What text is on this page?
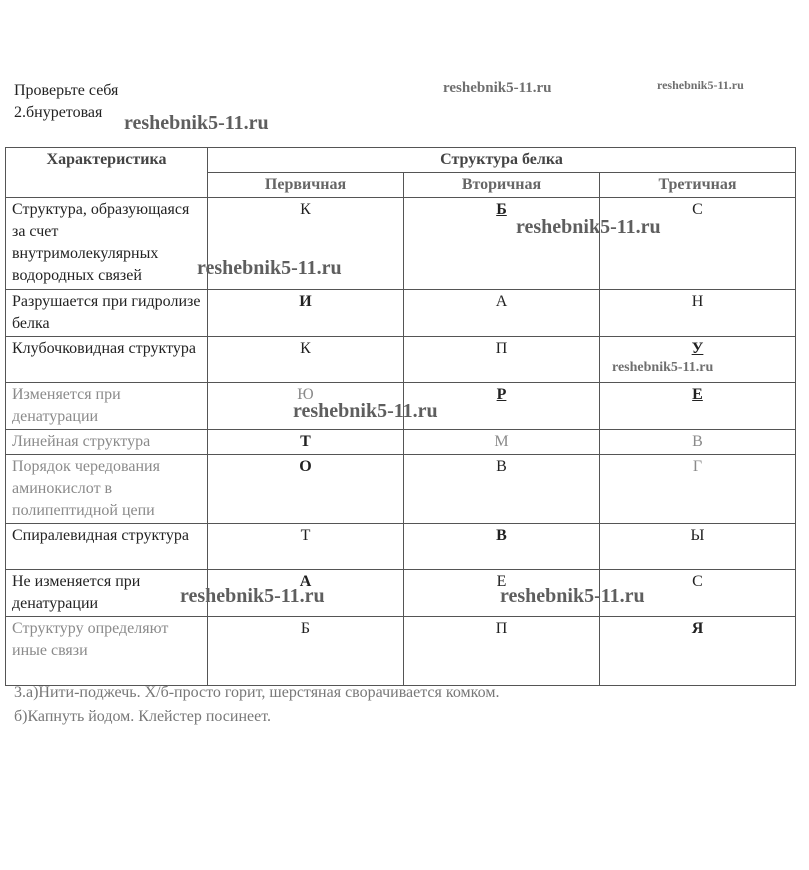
Проверьте себя
2.бнуретовая
Характеристика	Структура белка		
	Первичная	Вторичная	Третичная
Структура, образующаяся за счет внутримолекулярных водородных связей	К	Б	С
Разрушается при гидролизе белка	И	А	Н
Клубочковидная структура	К	П	У
Изменяется при денатурации	Ю	Р	Е
Линейная структура	Т	М	В
Порядок чередования аминокислот в полипептидной цепи	О	В	Г
Спиралевидная структура	Т	В	Ы
Не изменяется при денатурации	А	Е	С
Структуру определяют иные связи	Б	П	Я
3.а)Нити-поджечь. Х/б-просто горит, шерстяная сворачивается комком.
б)Капнуть йодом. Клейстер посинеет.
reshebnik5-11.ru	reshebnik5-11.ru
reshebnik5-11.ru
reshebnik5-11.ru
reshebnik5-11.ru
reshebnik5-11.ru
reshebnik5-11.ru
reshebnik5-11.ru	reshebnik5-11.ru
